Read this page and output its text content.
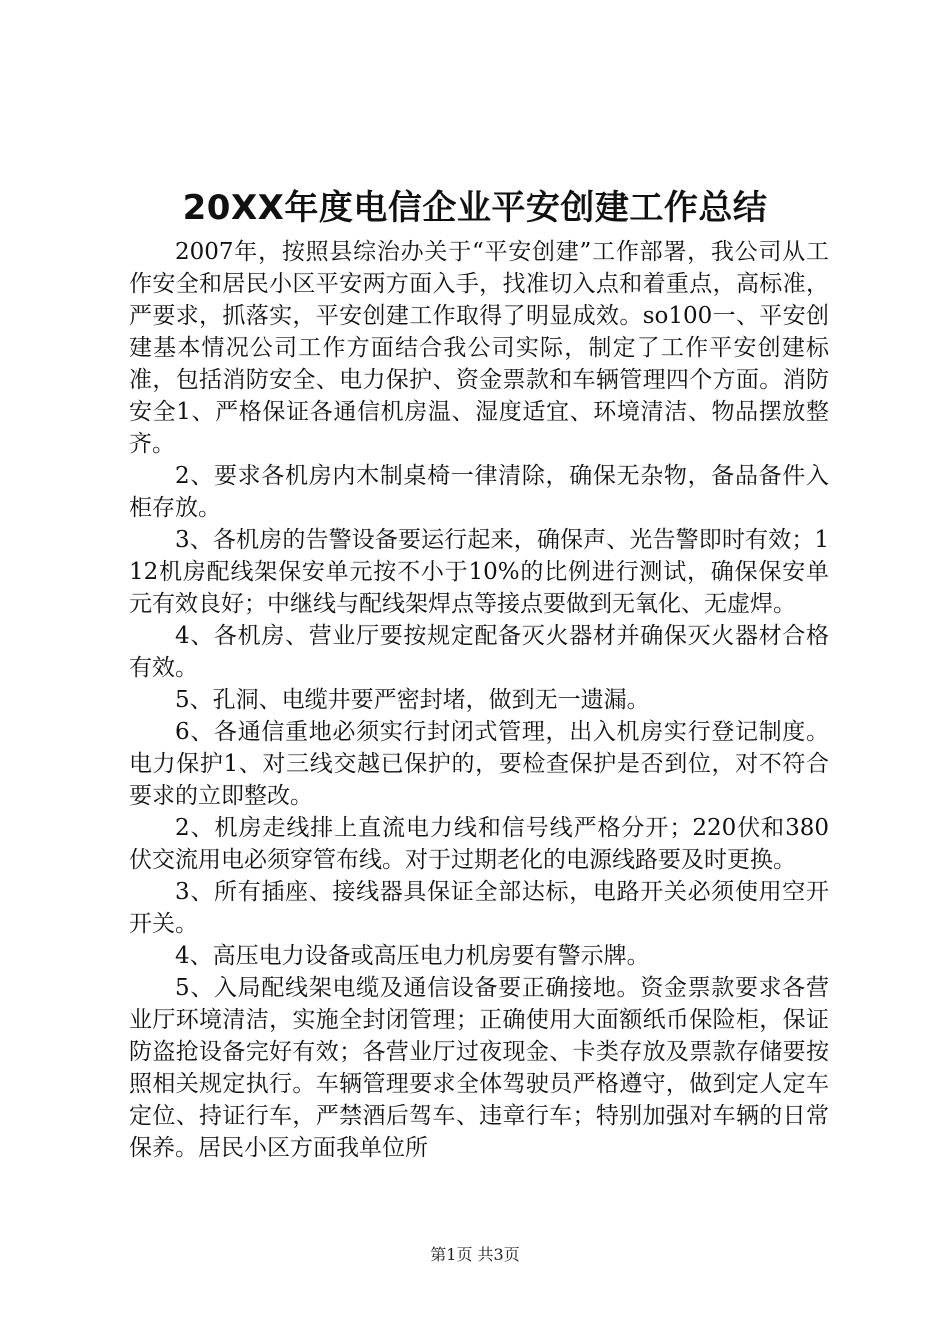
20XX年度电信企业平安创建工作总结

2007年，按照县综治办关于“平安创建”工作部署，我公司从工作安全和居民小区平安两方面入手，找准切入点和着重点，高标准，严要求，抓落实，平安创建工作取得了明显成效。so100一、平安创建基本情况公司工作方面结合我公司实际，制定了工作平安创建标准，包括消防安全、电力保护、资金票款和车辆管理四个方面。消防安全1、严格保证各通信机房温、湿度适宜、环境清洁、物品摆放整齐。

2、要求各机房内木制桌椅一律清除，确保无杂物，备品备件入柜存放。

3、各机房的告警设备要运行起来，确保声、光告警即时有效；112机房配线架保安单元按不小于10%的比例进行测试，确保保安单元有效良好；中继线与配线架焊点等接点要做到无氧化、无虚焊。

4、各机房、营业厅要按规定配备灭火器材并确保灭火器材合格有效。

5、孔洞、电缆井要严密封堵，做到无一遗漏。

6、各通信重地必须实行封闭式管理，出入机房实行登记制度。电力保护1、对三线交越已保护的，要检查保护是否到位，对不符合要求的立即整改。

2、机房走线排上直流电力线和信号线严格分开；220伏和380伏交流用电必须穿管布线。对于过期老化的电源线路要及时更换。

3、所有插座、接线器具保证全部达标，电路开关必须使用空开开关。

4、高压电力设备或高压电力机房要有警示牌。

5、入局配线架电缆及通信设备要正确接地。资金票款要求各营业厅环境清洁，实施全封闭管理；正确使用大面额纸币保险柜，保证防盗抢设备完好有效；各营业厅过夜现金、卡类存放及票款存储要按照相关规定执行。车辆管理要求全体驾驶员严格遵守，做到定人定车定位、持证行车，严禁酒后驾车、违章行车；特别加强对车辆的日常保养。居民小区方面我单位所

第1页 共3页
